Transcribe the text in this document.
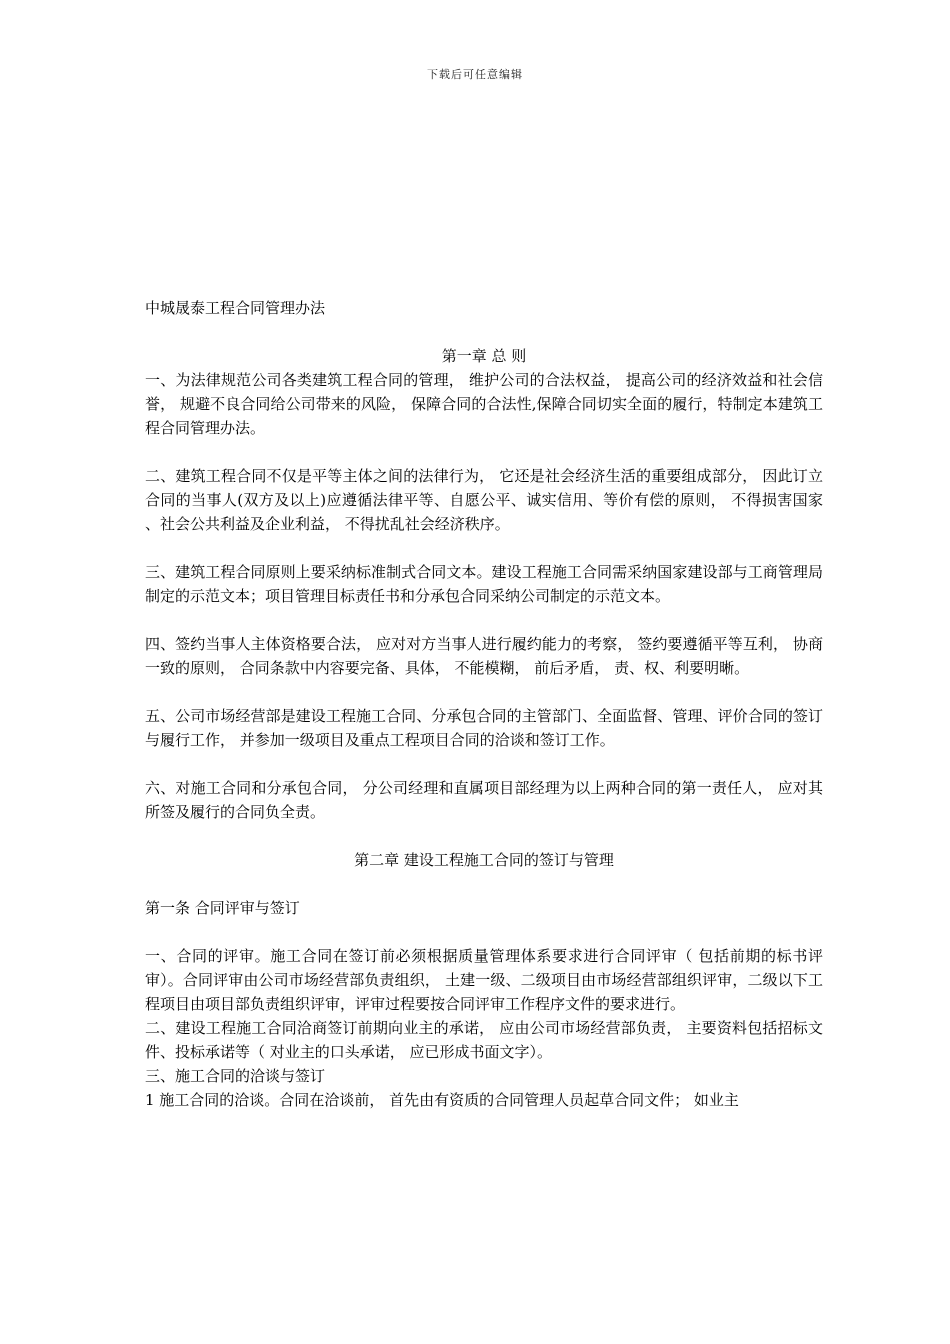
下载后可任意编辑

中城晟泰工程合同管理办法

第一章 总 则

一、为法律规范公司各类建筑工程合同的管理， 维护公司的合法权益， 提高公司的经济效益和社会信誉， 规避不良合同给公司带来的风险， 保障合同的合法性,保障合同切实全面的履行，特制定本建筑工程合同管理办法。

二、建筑工程合同不仅是平等主体之间的法律行为， 它还是社会经济生活的重要组成部分， 因此订立合同的当事人(双方及以上)应遵循法律平等、自愿公平、诚实信用、等价有偿的原则， 不得损害国家 、社会公共利益及企业利益， 不得扰乱社会经济秩序。

三、建筑工程合同原则上要采纳标准制式合同文本。建设工程施工合同需采纳国家建设部与工商管理局制定的示范文本；项目管理目标责任书和分承包合同采纳公司制定的示范文本。

四、签约当事人主体资格要合法， 应对对方当事人进行履约能力的考察， 签约要遵循平等互利， 协商一致的原则， 合同条款中内容要完备、具体， 不能模糊， 前后矛盾， 责、权、利要明晰。

五、公司市场经营部是建设工程施工合同、分承包合同的主管部门、全面监督、管理、评价合同的签订与履行工作， 并参加一级项目及重点工程项目合同的洽谈和签订工作。

六、对施工合同和分承包合同， 分公司经理和直属项目部经理为以上两种合同的第一责任人， 应对其所签及履行的合同负全责。

第二章 建设工程施工合同的签订与管理

第一条 合同评审与签订

一、合同的评审。施工合同在签订前必须根据质量管理体系要求进行合同评审（ 包括前期的标书评审）。合同评审由公司市场经营部负责组织， 土建一级、二级项目由市场经营部组织评审，二级以下工程项目由项目部负责组织评审，评审过程要按合同评审工作程序文件的要求进行。

二、建设工程施工合同洽商签订前期向业主的承诺， 应由公司市场经营部负责， 主要资料包括招标文件、投标承诺等（ 对业主的口头承诺， 应已形成书面文字）。

三、施工合同的洽谈与签订

1 施工合同的洽谈。合同在洽谈前， 首先由有资质的合同管理人员起草合同文件； 如业主
